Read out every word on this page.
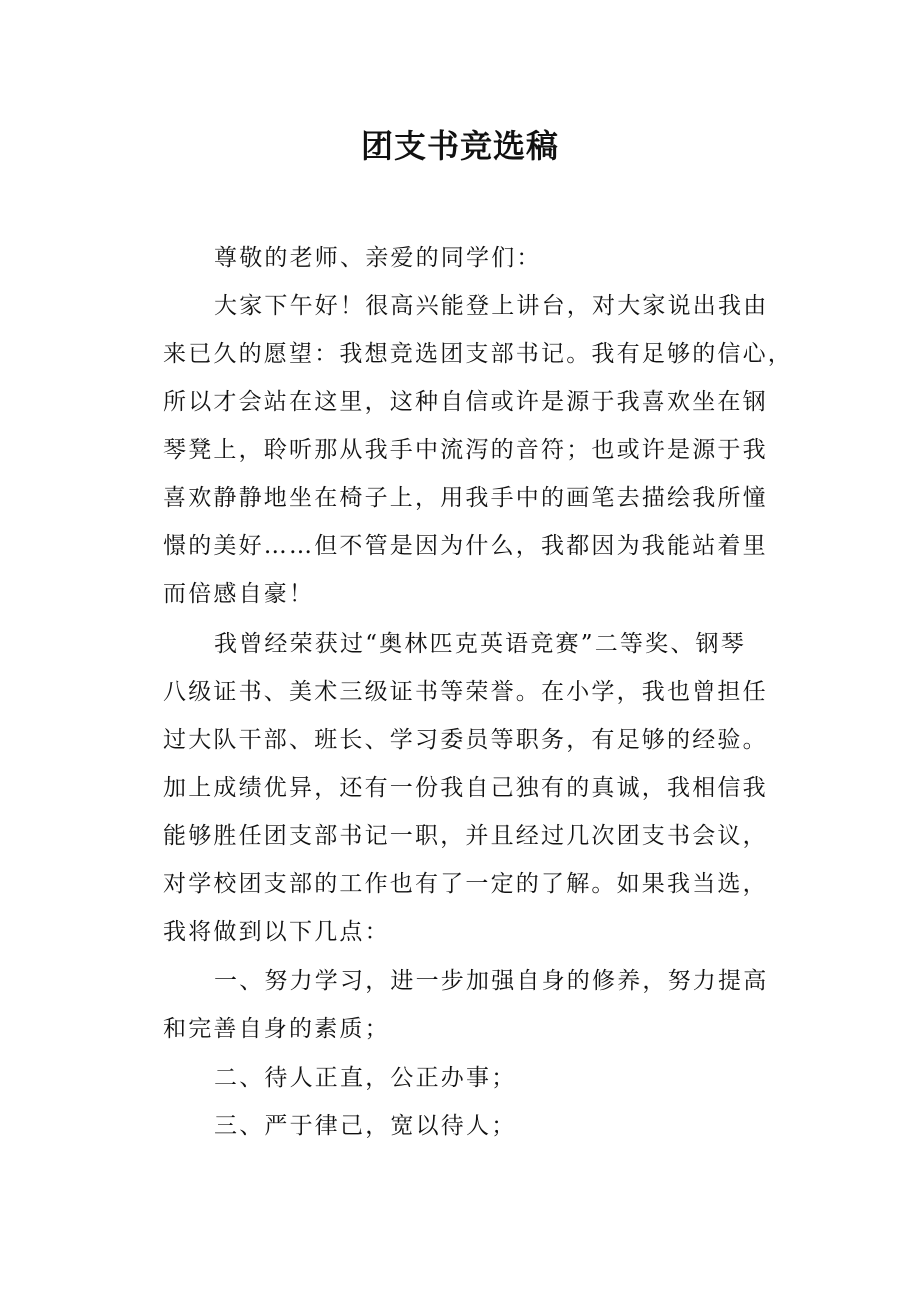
团支书竞选稿
尊敬的老师、亲爱的同学们：
大家下午好！很高兴能登上讲台，对大家说出我由
来已久的愿望：我想竞选团支部书记。我有足够的信心，
所以才会站在这里，这种自信或许是源于我喜欢坐在钢
琴凳上，聆听那从我手中流泻的音符；也或许是源于我
喜欢静静地坐在椅子上，用我手中的画笔去描绘我所憧
憬的美好……但不管是因为什么，我都因为我能站着里
而倍感自豪！
我曾经荣获过“奥林匹克英语竞赛”二等奖、钢琴
八级证书、美术三级证书等荣誉。在小学，我也曾担任
过大队干部、班长、学习委员等职务，有足够的经验。
加上成绩优异，还有一份我自己独有的真诚，我相信我
能够胜任团支部书记一职，并且经过几次团支书会议，
对学校团支部的工作也有了一定的了解。如果我当选，
我将做到以下几点：
一、努力学习，进一步加强自身的修养，努力提高
和完善自身的素质；
二、待人正直，公正办事；
三、严于律己，宽以待人；
